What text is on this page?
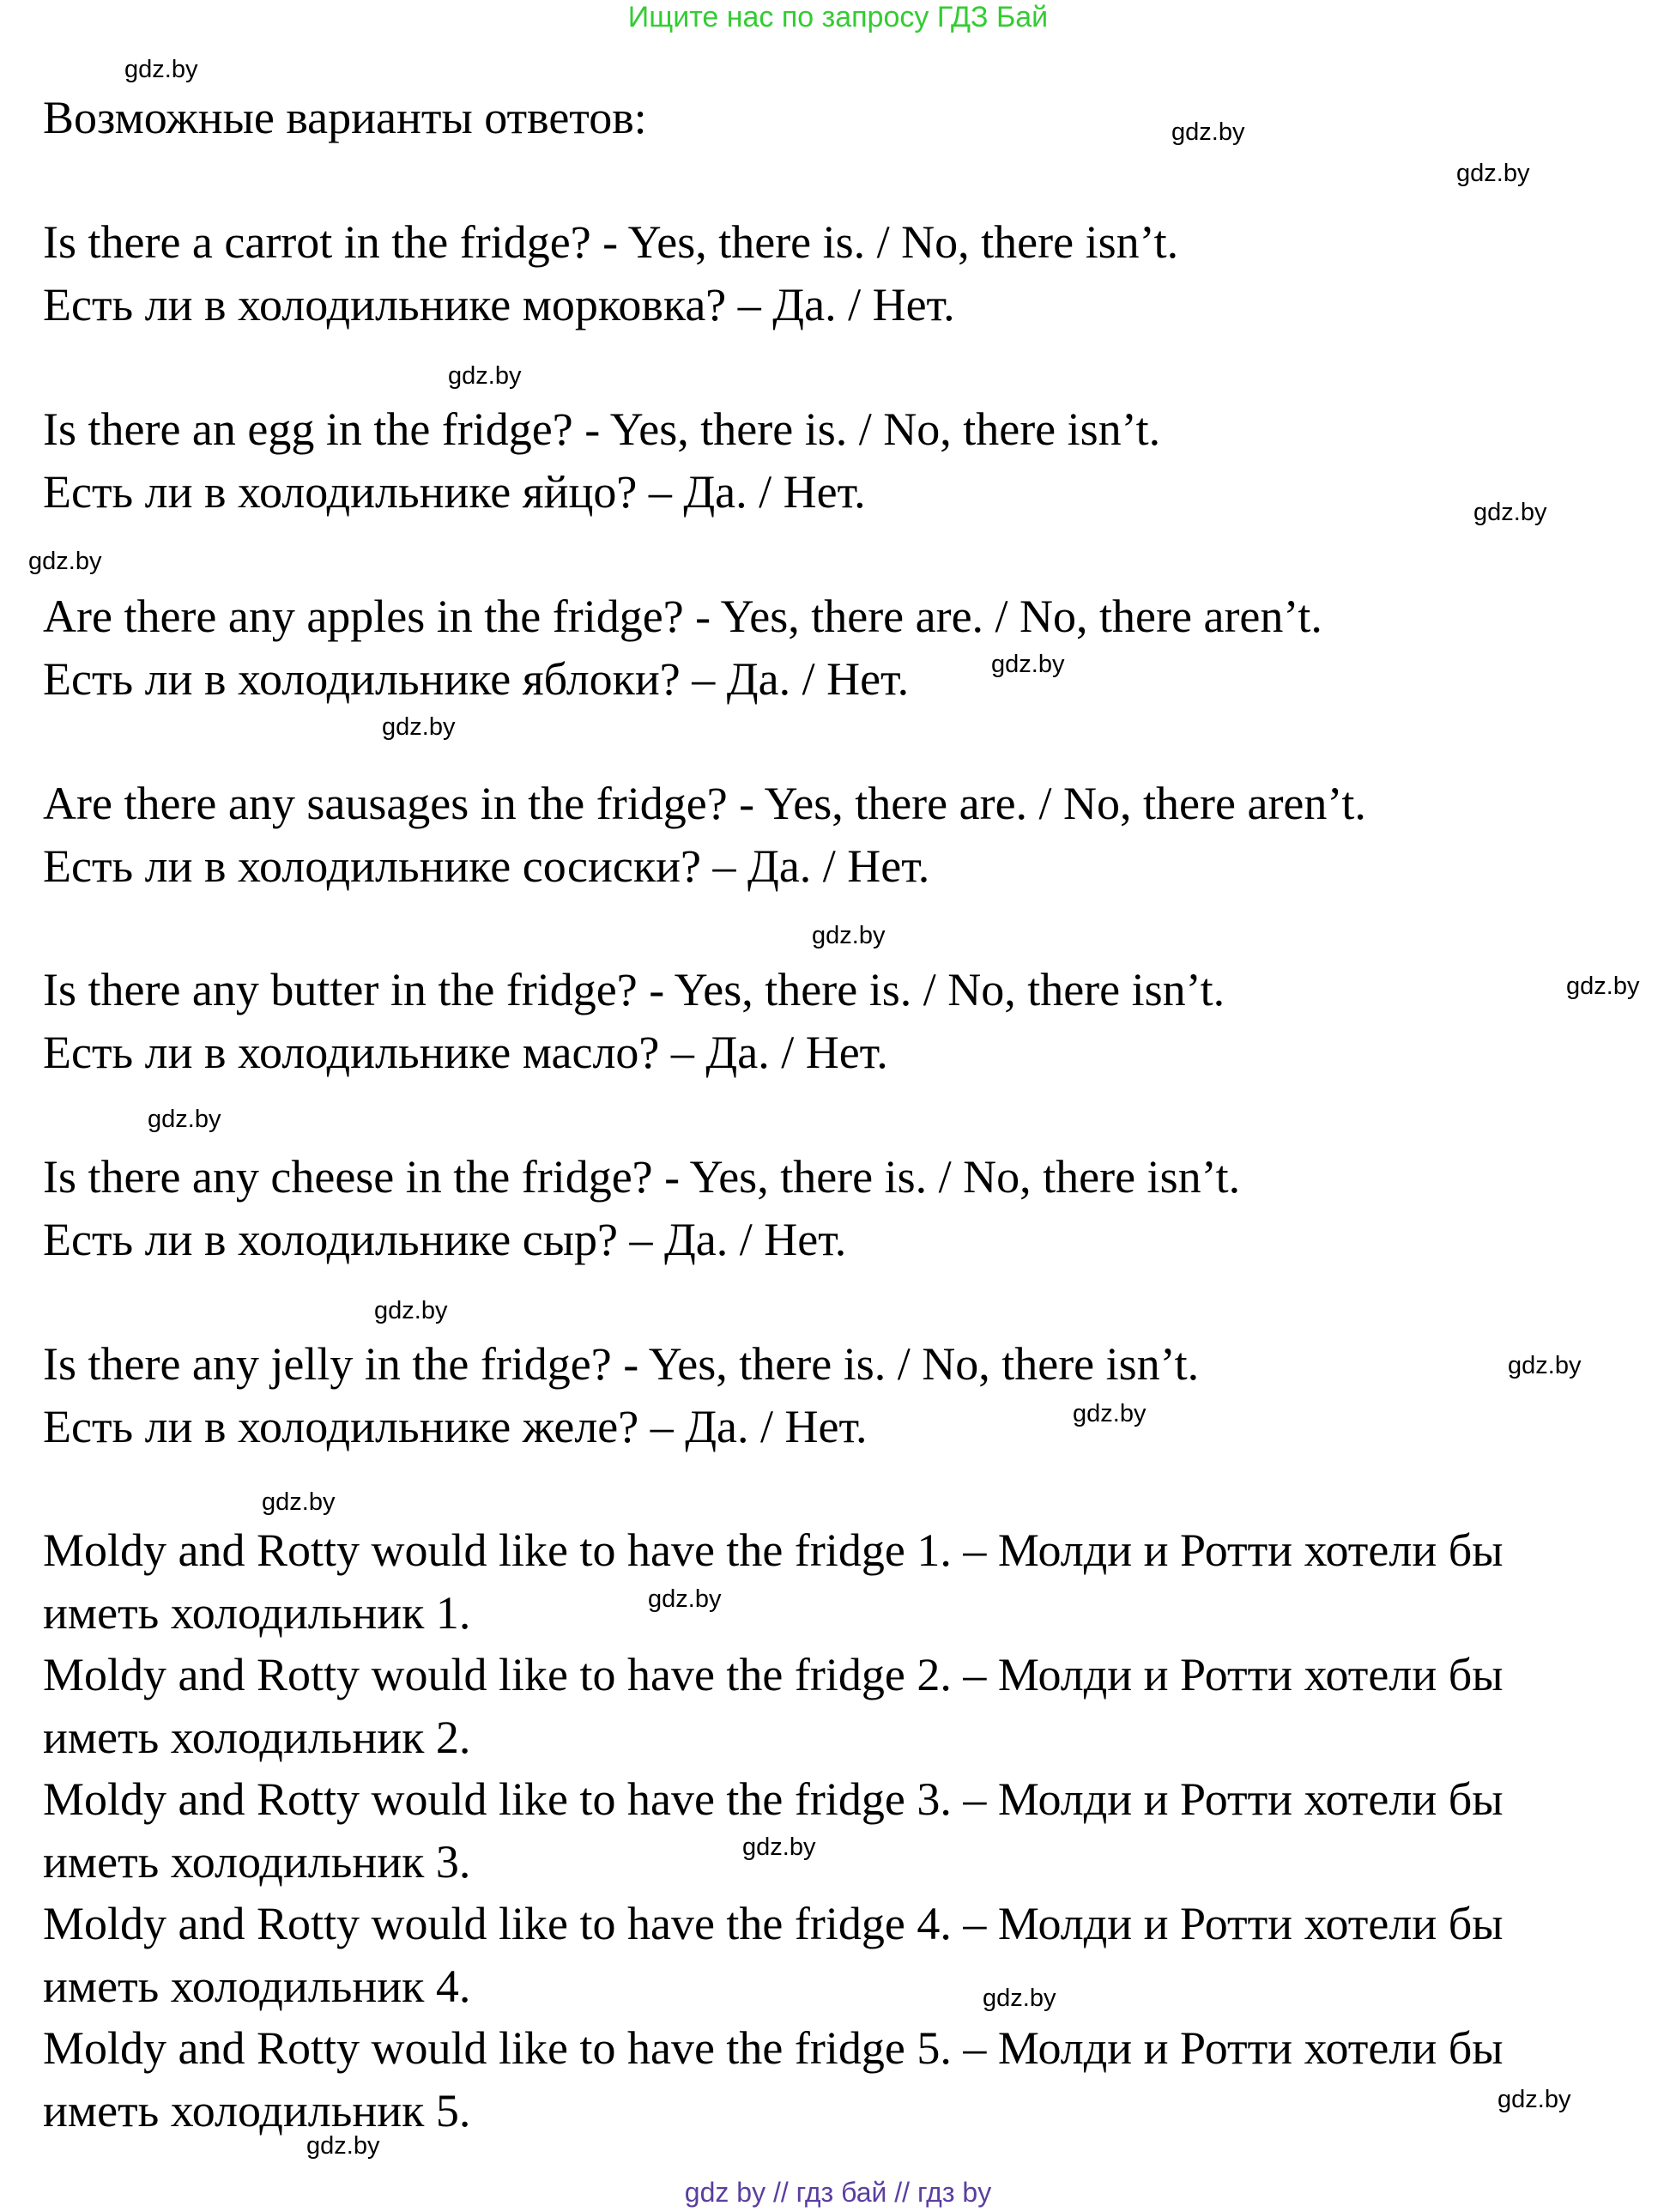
Ищите нас по запросу ГДЗ Бай
Возможные варианты ответов:
Is there a carrot in the fridge? - Yes, there is. / No, there isn’t.
Есть ли в холодильнике морковка? – Да. / Нет.
Is there an egg in the fridge? - Yes, there is. / No, there isn’t.
Есть ли в холодильнике яйцо? – Да. / Нет.
Are there any apples in the fridge? - Yes, there are. / No, there aren’t.
Есть ли в холодильнике яблоки? – Да. / Нет.
Are there any sausages in the fridge? - Yes, there are. / No, there aren’t.
Есть ли в холодильнике сосиски? – Да. / Нет.
Is there any butter in the fridge? - Yes, there is. / No, there isn’t.
Есть ли в холодильнике масло? – Да. / Нет.
Is there any cheese in the fridge? - Yes, there is. / No, there isn’t.
Есть ли в холодильнике сыр? – Да. / Нет.
Is there any jelly in the fridge? - Yes, there is. / No, there isn’t.
Есть ли в холодильнике желе? – Да. / Нет.
Moldy and Rotty would like to have the fridge 1. – Молди и Ротти хотели бы
иметь холодильник 1.
Moldy and Rotty would like to have the fridge 2. – Молди и Ротти хотели бы
иметь холодильник 2.
Moldy and Rotty would like to have the fridge 3. – Молди и Ротти хотели бы
иметь холодильник 3.
Moldy and Rotty would like to have the fridge 4. – Молди и Ротти хотели бы
иметь холодильник 4.
Moldy and Rotty would like to have the fridge 5. – Молди и Ротти хотели бы
иметь холодильник 5.
gdz.by
gdz.by
gdz.by
gdz.by
gdz.by
gdz.by
gdz.by
gdz.by
gdz.by
gdz.by
gdz.by
gdz.by
gdz.by
gdz.by
gdz.by
gdz.by
gdz.by
gdz.by
gdz.by
gdz.by
gdz by // гдз бай // гдз by
